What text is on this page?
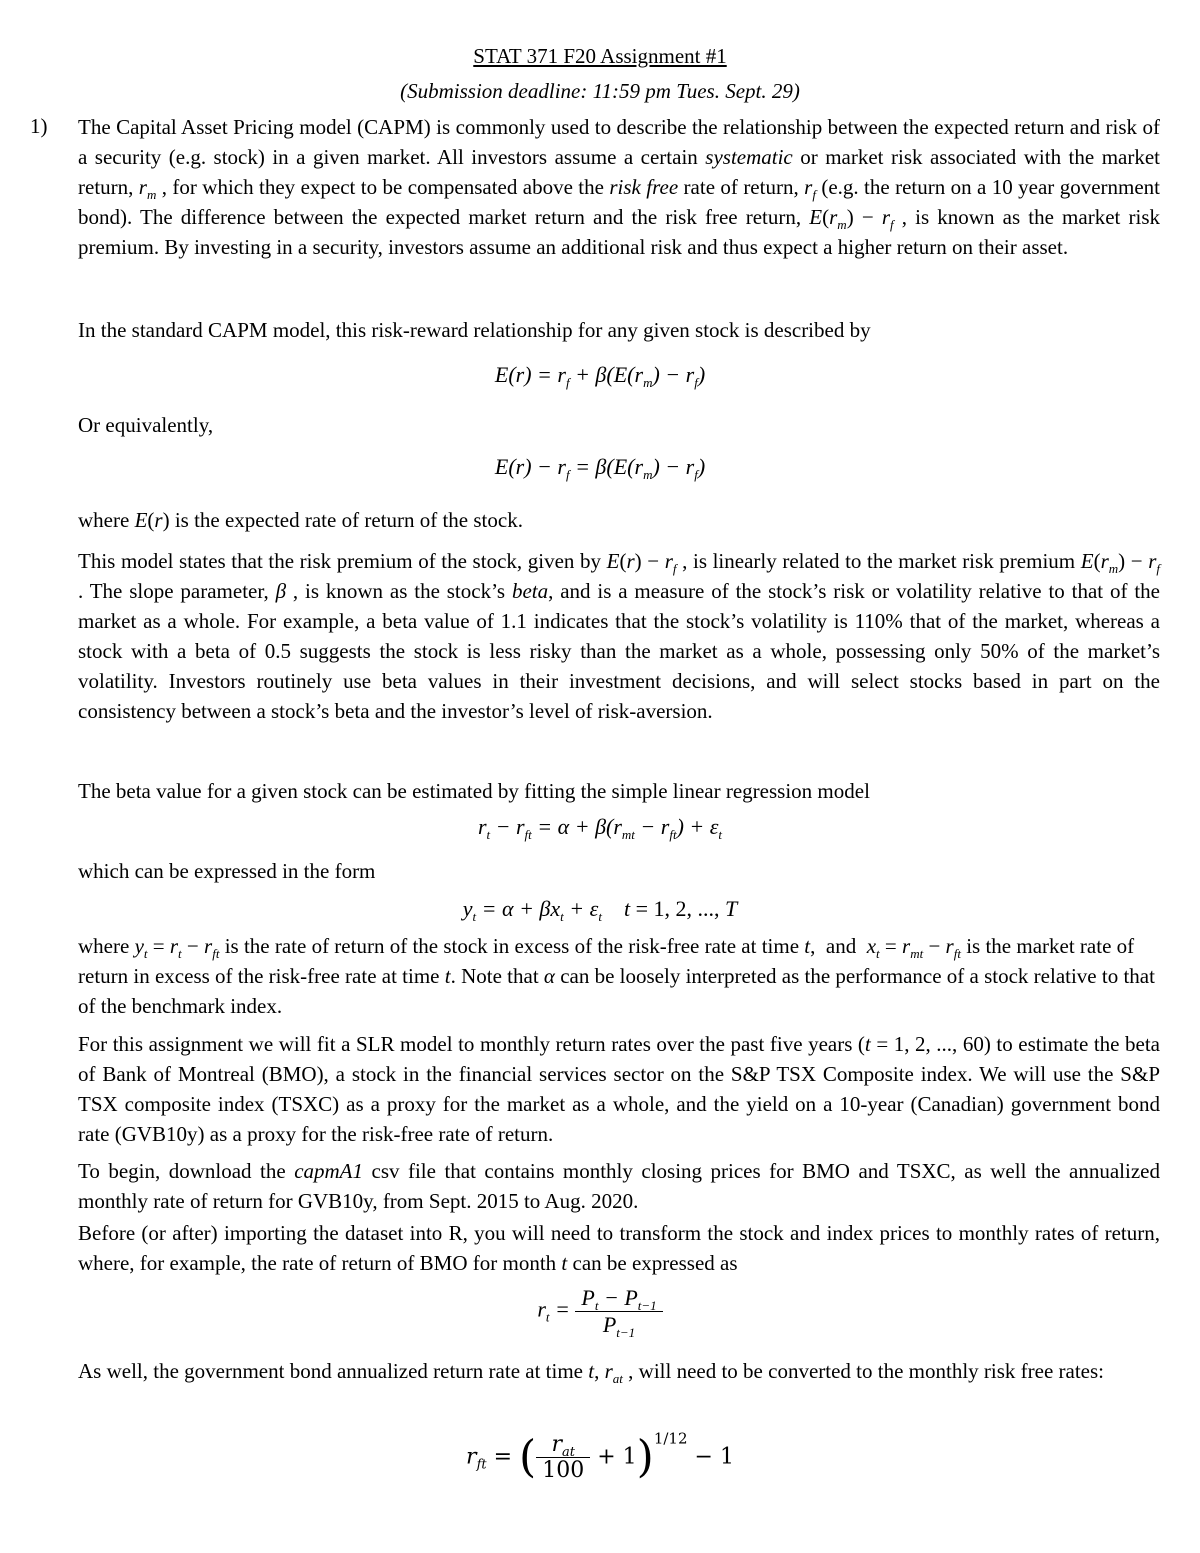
STAT 371 F20 Assignment #1
(Submission deadline: 11:59 pm Tues. Sept. 29)
1) The Capital Asset Pricing model (CAPM) is commonly used to describe the relationship between the expected return and risk of a security (e.g. stock) in a given market. All investors assume a certain systematic or market risk associated with the market return, $r_m$ , for which they expect to be compensated above the risk free rate of return, $r_f$ (e.g. the return on a 10 year government bond). The difference between the expected market return and the risk free return, $E(r_m) - r_f$ , is known as the market risk premium. By investing in a security, investors assume an additional risk and thus expect a higher return on their asset.

In the standard CAPM model, this risk-reward relationship for any given stock is described by

$E(r) = r_f + \beta(E(r_m) - r_f)$

Or equivalently,

$E(r) - r_f = \beta(E(r_m) - r_f)$

where E(r) is the expected rate of return of the stock.

This model states that the risk premium of the stock, given by $E(r) - r_f$ , is linearly related to the market risk premium $E(r_m) - r_f$ . The slope parameter, β , is known as the stock’s beta, and is a measure of the stock’s risk or volatility relative to that of the market as a whole. For example, a beta value of 1.1 indicates that the stock’s volatility is 110% that of the market, whereas a stock with a beta of 0.5 suggests the stock is less risky than the market as a whole, possessing only 50% of the market’s volatility. Investors routinely use beta values in their investment decisions, and will select stocks based in part on the consistency between a stock’s beta and the investor’s level of risk-aversion.

The beta value for a given stock can be estimated by fitting the simple linear regression model

$r_t - r_{ft} = \alpha + \beta(r_{mt} - r_{ft}) + \varepsilon_t$

which can be expressed in the form

$y_t = \alpha + \beta x_t + \varepsilon_t$ t = 1, 2, ..., T

where $y_t = r_t - r_{ft}$ is the rate of return of the stock in excess of the risk-free rate at time t,  and  $x_t = r_{mt} - r_{ft}$ is the market rate of return in excess of the risk-free rate at time t. Note that α can be loosely interpreted as the performance of a stock relative to that of the benchmark index.

For this assignment we will fit a SLR model to monthly return rates over the past five years (t = 1, 2, ..., 60) to estimate the beta of Bank of Montreal (BMO), a stock in the financial services sector on the S&P TSX Composite index. We will use the S&P TSX composite index (TSXC) as a proxy for the market as a whole, and the yield on a 10-year (Canadian) government bond rate (GVB10y) as a proxy for the risk-free rate of return.

To begin, download the capmA1 csv file that contains monthly closing prices for BMO and TSXC, as well the annualized monthly rate of return for GVB10y, from Sept. 2015 to Aug. 2020.

Before (or after) importing the dataset into R, you will need to transform the stock and index prices to monthly rates of return, where, for example, the rate of return of BMO for month t can be expressed as

$r_t = \frac{P_t - P_{t-1}}{P_{t-1}}$

As well, the government bond annualized return rate at time t, $r_{at}$ , will need to be converted to the monthly risk free rates:

$r_{ft}$ = ( $\frac{r_{at}}{100} + 1)^{1/12} - 1$
